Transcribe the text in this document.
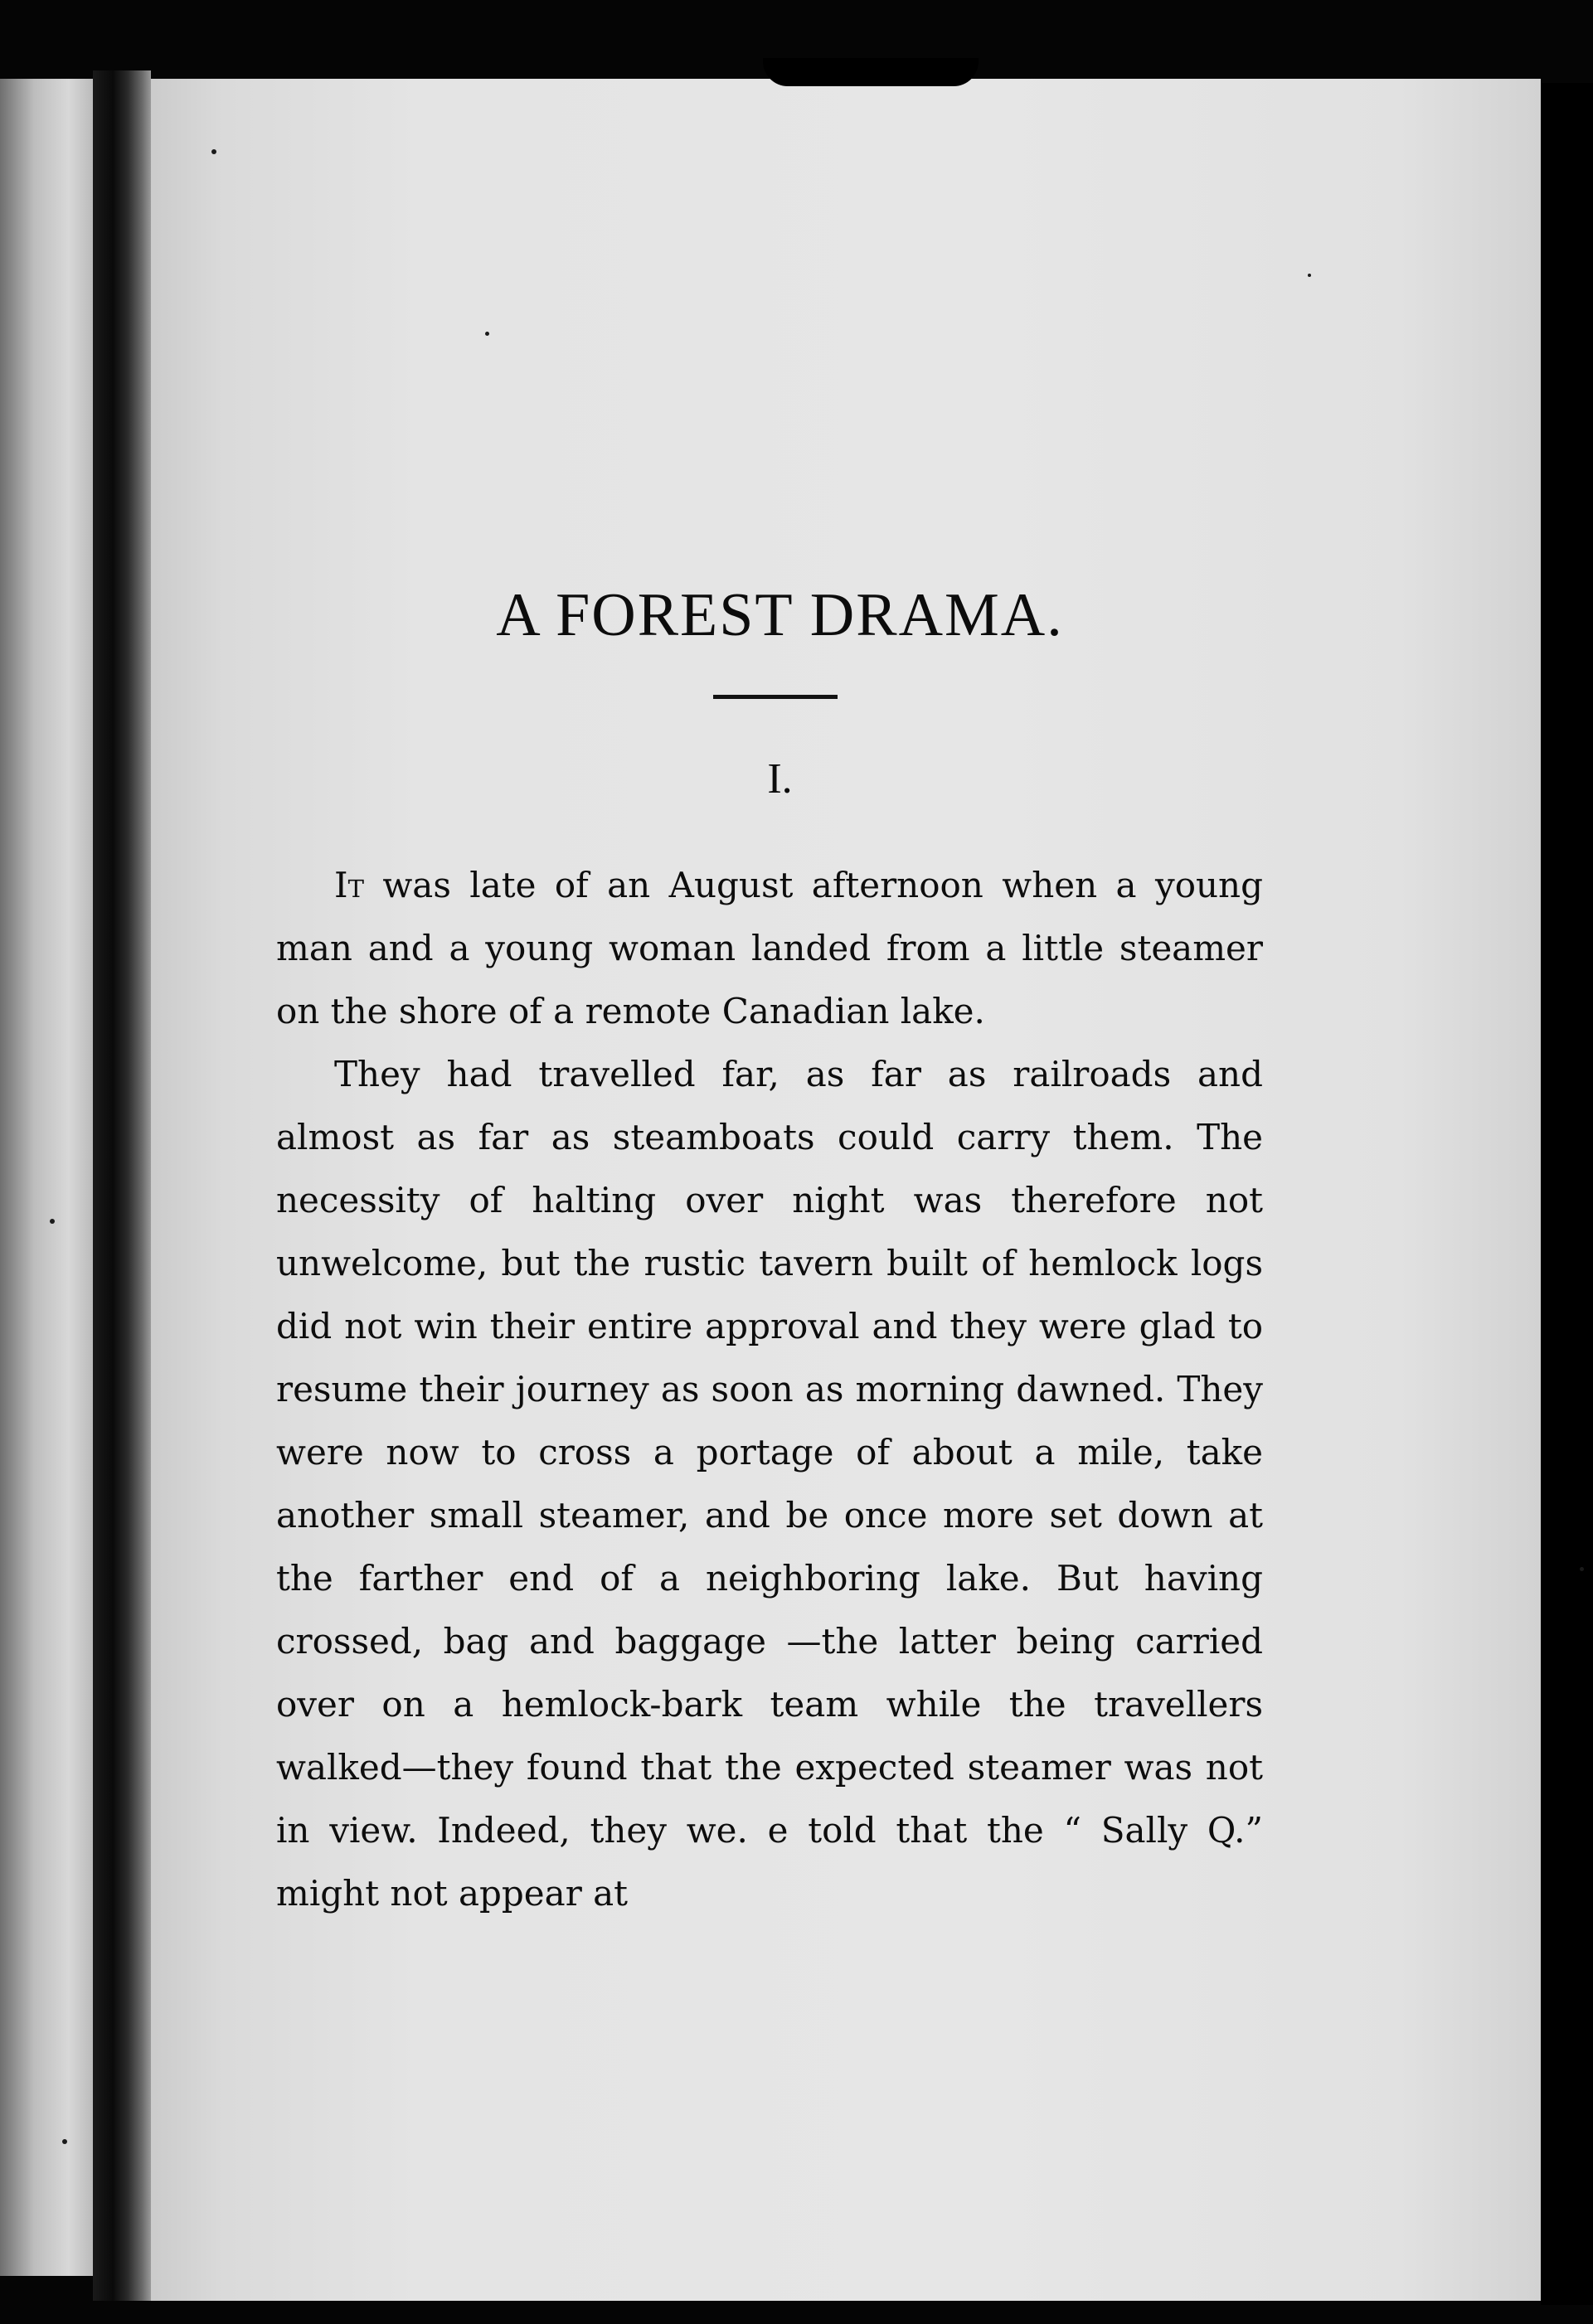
A FOREST DRAMA.
I.

It was late of an August afternoon when a young man and a young woman landed from a little steamer on the shore of a remote Canadian lake.

They had travelled far, as far as railroads and almost as far as steamboats could carry them. The necessity of halting over night was therefore not unwelcome, but the rustic tavern built of hemlock logs did not win their entire approval and they were glad to resume their journey as soon as morning dawned. They were now to cross a portage of about a mile, take another small steamer, and be once more set down at the farther end of a neighboring lake. But having crossed, bag and baggage —the latter being carried over on a hemlock-bark team while the travellers walked—they found that the expected steamer was not in view. Indeed, they we. e told that the “ Sally Q.” might not appear at
